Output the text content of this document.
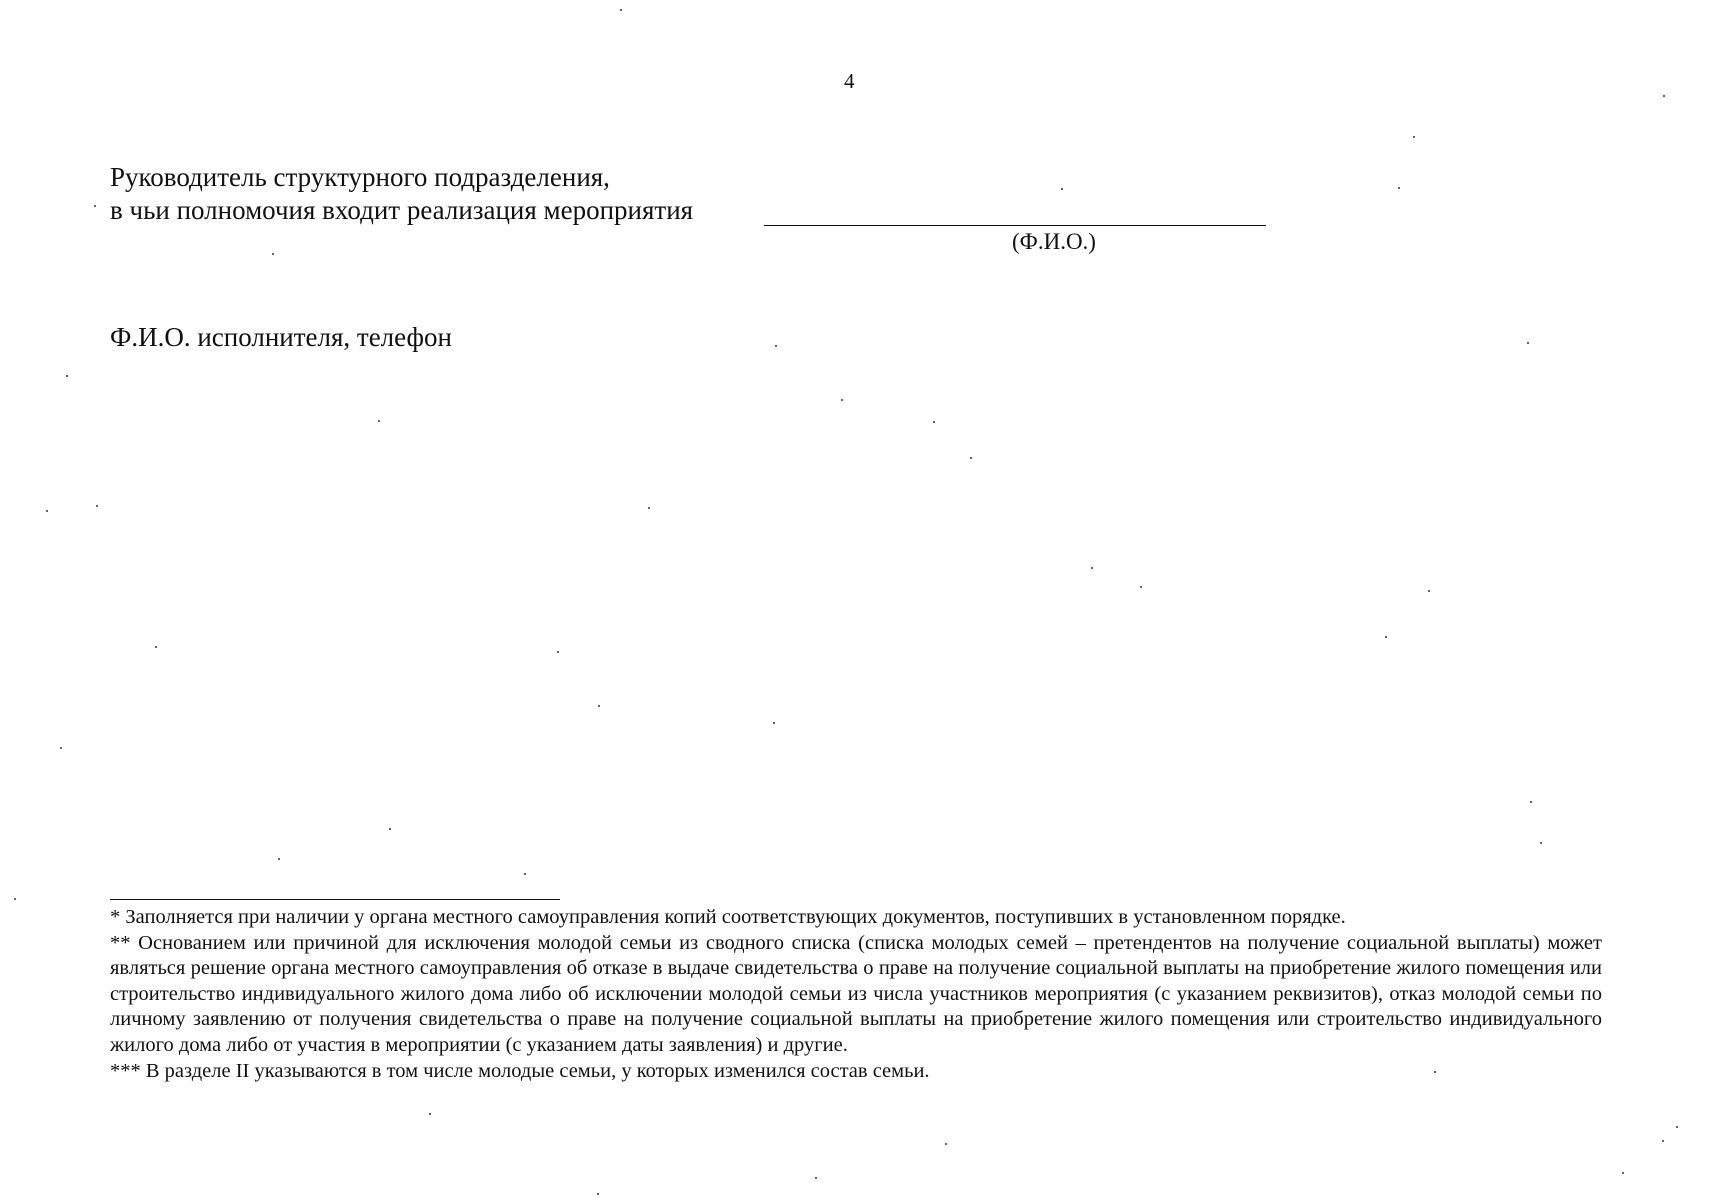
4
Руководитель структурного подразделения,
в чьи полномочия входит реализация мероприятия
(Ф.И.О.)
Ф.И.О. исполнителя, телефон

* Заполняется при наличии у органа местного самоуправления копий соответствующих документов, поступивших в установленном порядке.

** Основанием или причиной для исключения молодой семьи из сводного списка (списка молодых семей – претендентов на получение социальной выплаты) может являться решение органа местного самоуправления об отказе в выдаче свидетельства о праве на получение социальной выплаты на приобретение жилого помещения или строительство индивидуального жилого дома либо об исключении молодой семьи из числа участников мероприятия (с указанием реквизитов), отказ молодой семьи по личному заявлению от получения свидетельства о праве на получение социальной выплаты на приобретение жилого помещения или строительство индивидуального жилого дома либо от участия в мероприятии (с указанием даты заявления) и другие.

*** В разделе II указываются в том числе молодые семьи, у которых изменился состав семьи.
